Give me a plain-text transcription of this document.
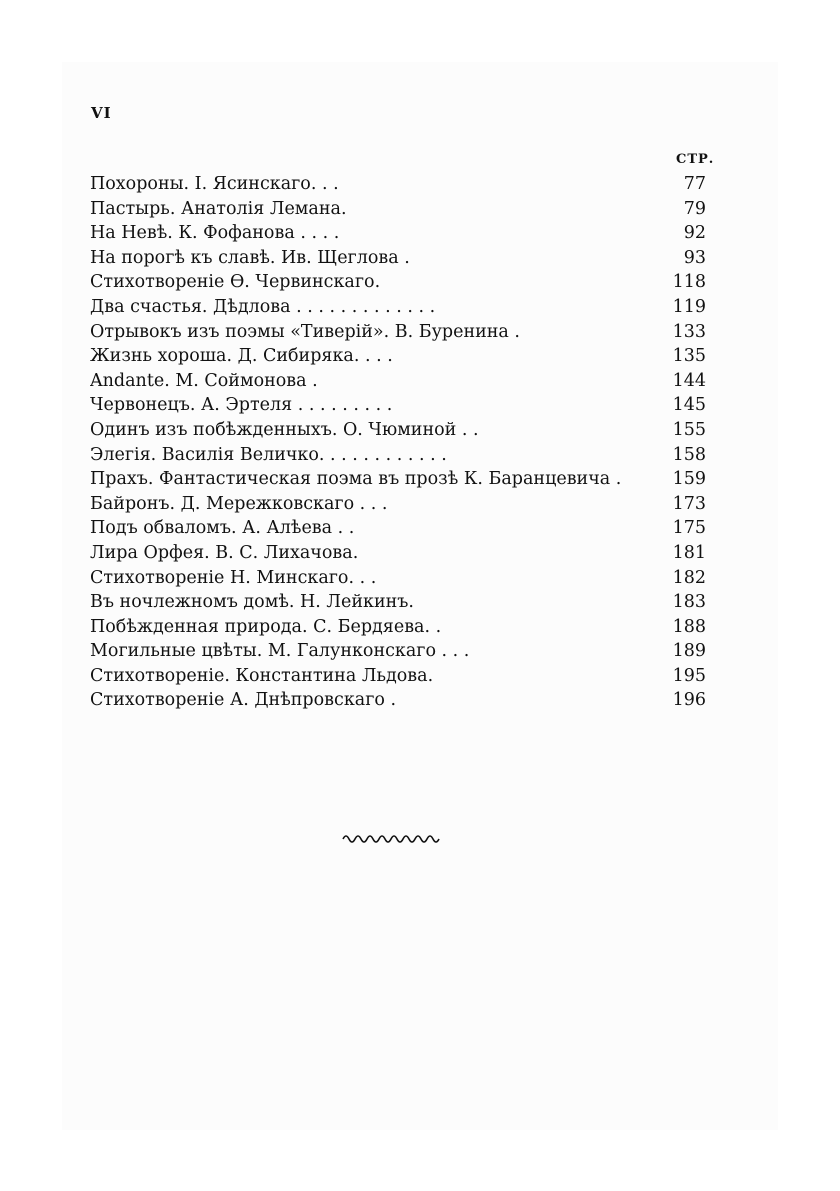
VI
СТР.
Похороны. I. Ясинскаго. . .	77
Пастырь. Анатолія Лемана.	79
На Невѣ. К. Фофанова . . . .	92
На порогѣ къ славѣ. Ив. Щеглова .	93
Стихотвореніе Ѳ. Червинскаго.	118
Два счастья. Дѣдлова . . . . . . . . . . . . .	119
Отрывокъ изъ поэмы «Тиверій». В. Буренина .	133
Жизнь хороша. Д. Сибиряка. . . .	135
Andante. М. Соймонова .	144
Червонецъ. А. Эртеля . . . . . . . . .	145
Одинъ изъ побѣжденныхъ. О. Чюминой . .	155
Элегія. Василія Величко. . . . . . . . . . . .	158
Прахъ. Фантастическая поэма въ прозѣ К. Баранцевича .	159
Байронъ. Д. Мережковскаго . . .	173
Подъ обваломъ. А. Алѣева . .	175
Лира Орфея. В. С. Лихачова.	181
Стихотвореніе Н. Минскаго. . .	182
Въ ночлежномъ домѣ. Н. Лейкинъ.	183
Побѣжденная природа. С. Бердяева. .	188
Могильные цвѣты. М. Галунконскаго . . .	189
Стихотвореніе. Константина Льдова.	195
Стихотвореніе А. Днѣпровскаго .	196
